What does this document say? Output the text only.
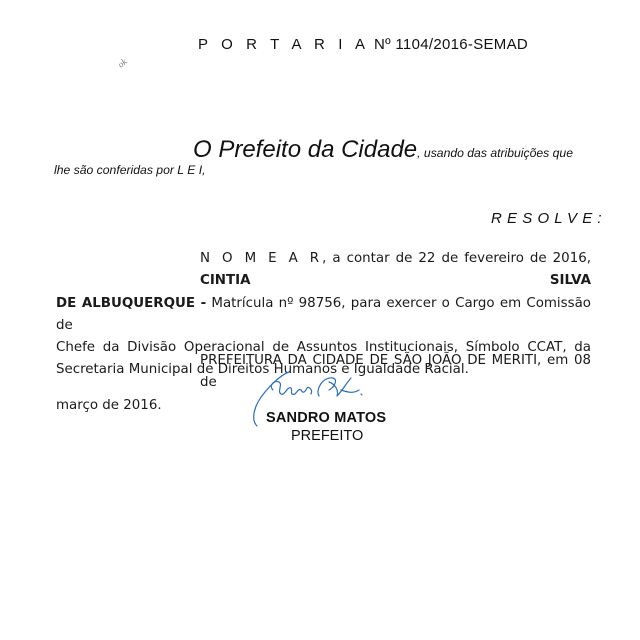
P O R T A R I A Nº 1104/2016-SEMAD
ok
O Prefeito da Cidade, usando das atribuições que
lhe são conferidas por L E I,
RESOLVE:
N O M E A R, a contar de 22 de fevereiro de 2016, CINTIA SILVA
DE ALBUQUERQUE - Matrícula nº 98756, para exercer o Cargo em Comissão de
Chefe da Divisão Operacional de Assuntos Institucionais, Símbolo CCAT, da
Secretaria Municipal de Direitos Humanos e Igualdade Racial.
PREFEITURA DA CIDADE DE SÃO JOÃO DE MERITI, em 08 de
março de 2016.
SANDRO MATOS
PREFEITO
